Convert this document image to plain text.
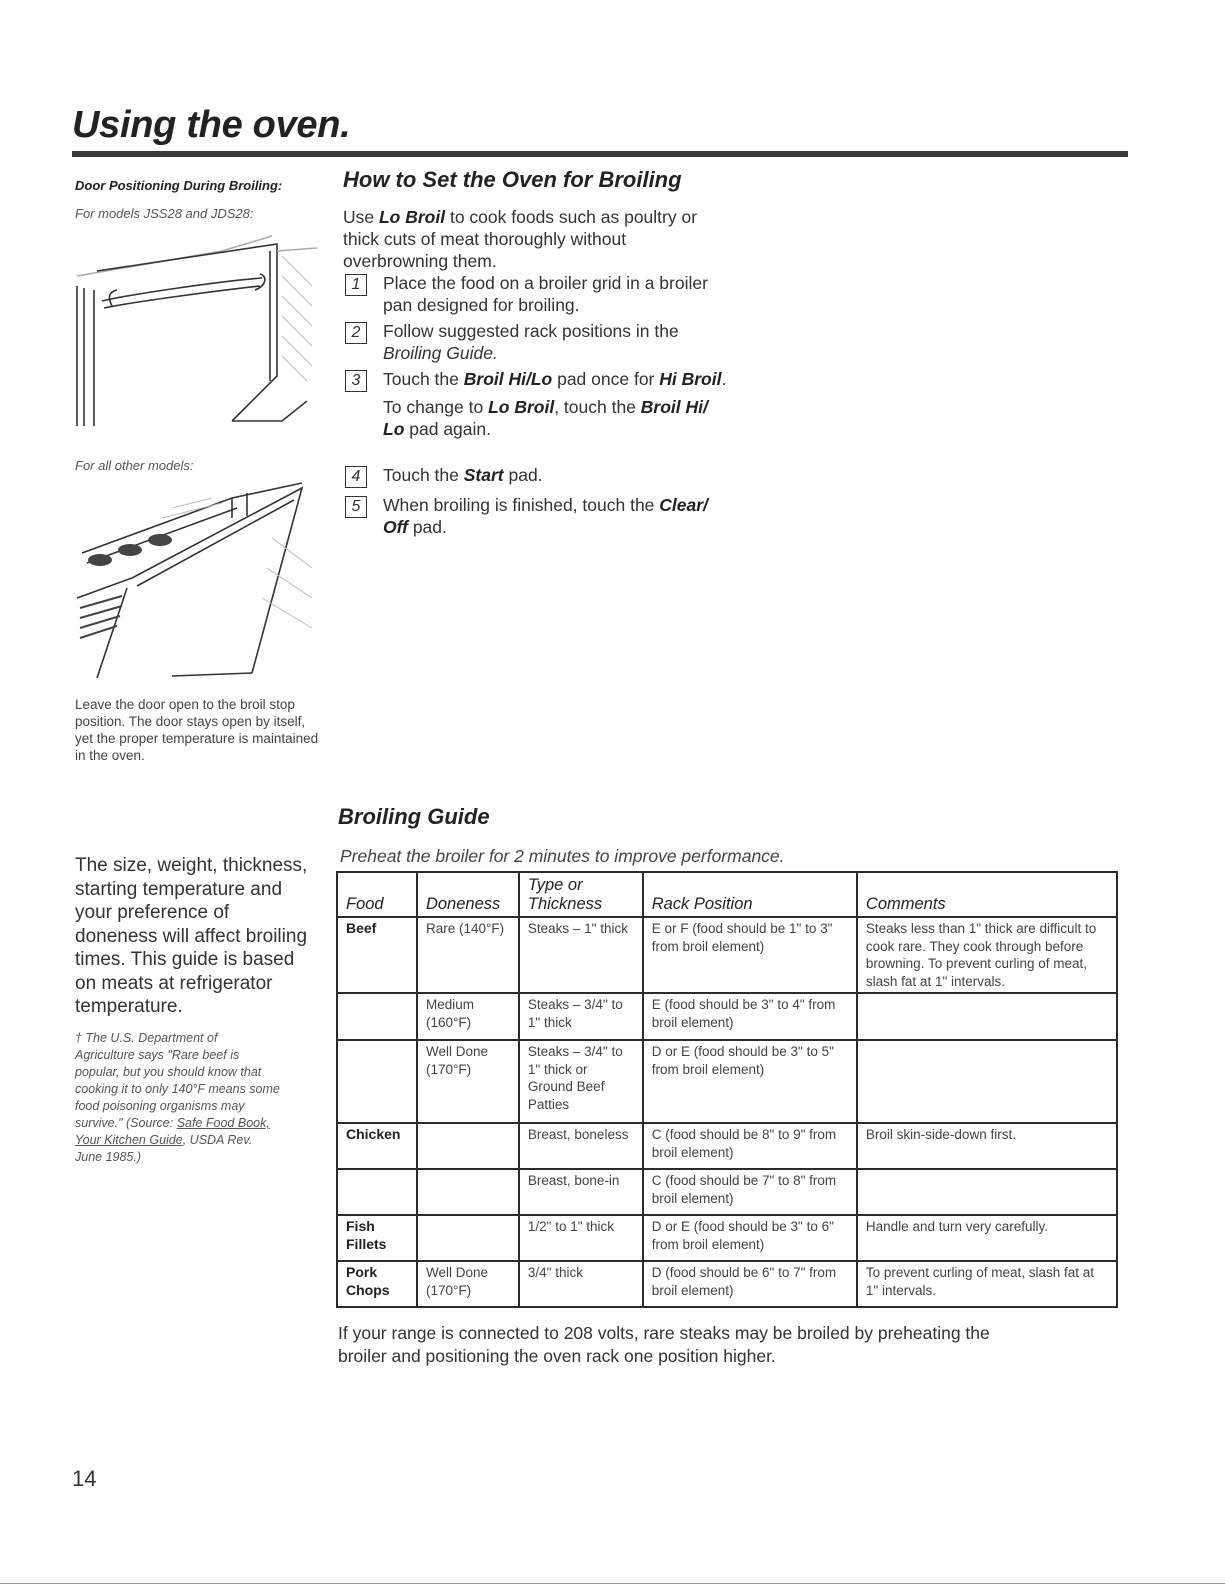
Using the oven.
Door Positioning During Broiling:
For models JSS28 and JDS28:
For all other models:
Leave the door open to the broil stop position. The door stays open by itself, yet the proper temperature is maintained in the oven.
The size, weight, thickness, starting temperature and your preference of doneness will affect broiling times. This guide is based on meats at refrigerator temperature.
† The U.S. Department of Agriculture says "Rare beef is popular, but you should know that cooking it to only 140°F means some food poisoning organisms may survive." (Source: Safe Food Book, Your Kitchen Guide, USDA Rev. June 1985.)
How to Set the Oven for Broiling
Use Lo Broil to cook foods such as poultry or thick cuts of meat thoroughly without overbrowning them.
1	Place the food on a broiler grid in a broiler pan designed for broiling.
2	Follow suggested rack positions in the
Broiling Guide.
3	Touch the Broil Hi/Lo pad once for Hi Broil.
To change to Lo Broil, touch the Broil Hi/ Lo pad again.
4	Touch the Start pad.
5	When broiling is finished, touch the Clear/ Off pad.
Broiling Guide
Preheat the broiler for 2 minutes to improve performance.
Food	Doneness	Type or Thickness	Rack Position	Comments
Beef	Rare (140°F)	Steaks – 1" thick	E or F (food should be 1" to 3" from broil element)	Steaks less than 1" thick are difficult to cook rare. They cook through before browning. To prevent curling of meat, slash fat at 1" intervals.
	Medium (160°F)	Steaks – 3/4" to 1" thick	E (food should be 3" to 4" from broil element)	
	Well Done (170°F)	Steaks – 3/4" to 1" thick or Ground Beef Patties	D or E (food should be 3" to 5" from broil element)	
Chicken		Breast, boneless	C (food should be 8" to 9" from broil element)	Broil skin-side-down first.
		Breast, bone-in	C (food should be 7" to 8" from broil element)	
Fish Fillets		1/2" to 1" thick	D or E (food should be 3" to 6" from broil element)	Handle and turn very carefully.
Pork Chops	Well Done (170°F)	3/4" thick	D (food should be 6" to 7" from broil element)	To prevent curling of meat, slash fat at 1" intervals.
If your range is connected to 208 volts, rare steaks may be broiled by preheating the broiler and positioning the oven rack one position higher.
14
